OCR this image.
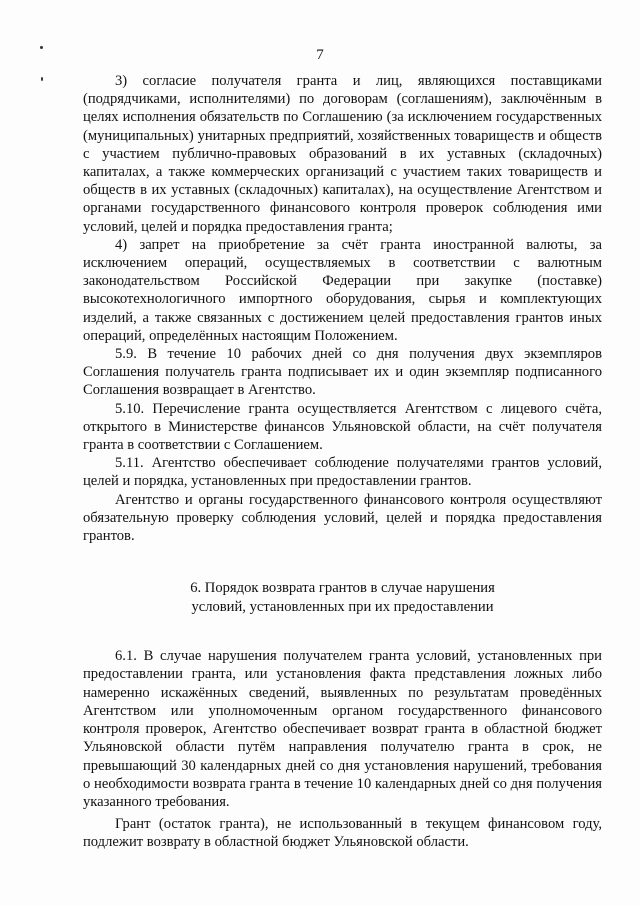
7

3) согласие получателя гранта и лиц, являющихся поставщиками (подрядчиками, исполнителями) по договорам (соглашениям), заключённым в целях исполнения обязательств по Соглашению (за исключением государственных (муниципальных) унитарных предприятий, хозяйственных товариществ и обществ с участием публично-правовых образований в их уставных (складочных) капиталах, а также коммерческих организаций с участием таких товариществ и обществ в их уставных (складочных) капиталах), на осуществление Агентством и органами государственного финансового контроля проверок соблюдения ими условий, целей и порядка предоставления гранта;

4) запрет на приобретение за счёт гранта иностранной валюты, за исключением операций, осуществляемых в соответствии с валютным законодательством Российской Федерации при закупке (поставке) высокотехнологичного импортного оборудования, сырья и комплектующих изделий, а также связанных с достижением целей предоставления грантов иных операций, определённых настоящим Положением.

5.9. В течение 10 рабочих дней со дня получения двух экземпляров Соглашения получатель гранта подписывает их и один экземпляр подписанного Соглашения возвращает в Агентство.

5.10. Перечисление гранта осуществляется Агентством с лицевого счёта, открытого в Министерстве финансов Ульяновской области, на счёт получателя гранта в соответствии с Соглашением.

5.11. Агентство обеспечивает соблюдение получателями грантов условий, целей и порядка, установленных при предоставлении грантов.

Агентство и органы государственного финансового контроля осуществляют обязательную проверку соблюдения условий, целей и порядка предоставления грантов.

6. Порядок возврата грантов в случае нарушения
условий, установленных при их предоставлении

6.1. В случае нарушения получателем гранта условий, установленных при предоставлении гранта, или установления факта представления ложных либо намеренно искажённых сведений, выявленных по результатам проведённых Агентством или уполномоченным органом государственного финансового контроля проверок, Агентство обеспечивает возврат гранта в областной бюджет Ульяновской области путём направления получателю гранта в срок, не превышающий 30 календарных дней со дня установления нарушений, требования о необходимости возврата гранта в течение 10 календарных дней со дня получения указанного требования.

Грант (остаток гранта), не использованный в текущем финансовом году, подлежит возврату в областной бюджет Ульяновской области.
